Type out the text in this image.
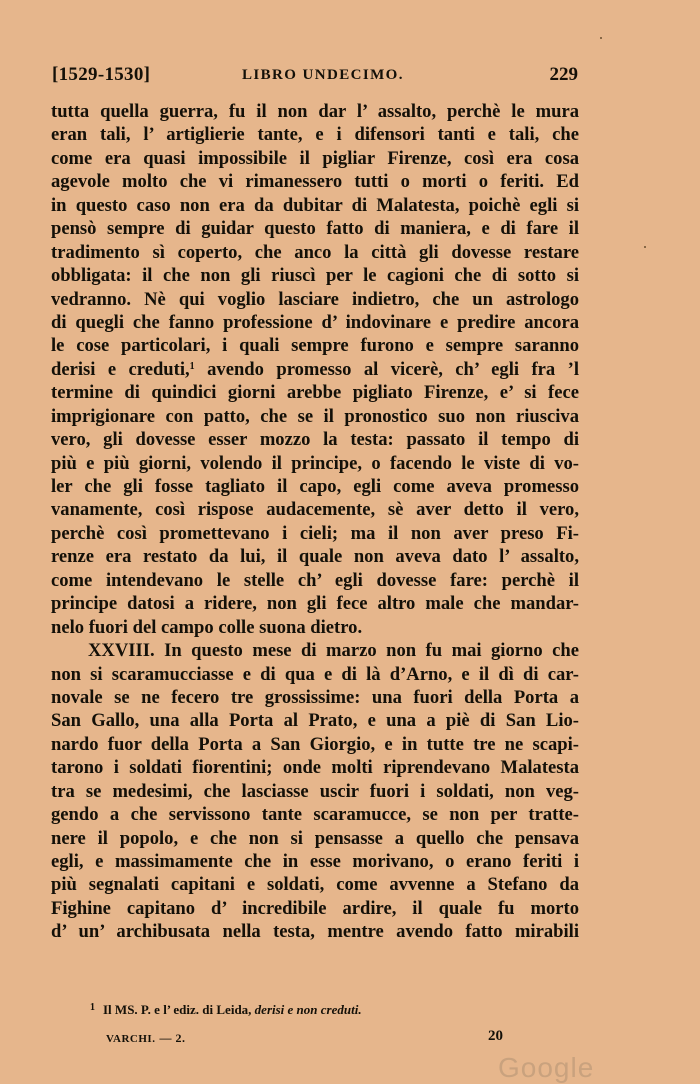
[1529-1530]	LIBRO UNDECIMO.	229
tutta quella guerra, fu il non dar l’ assalto, perchè le mura
eran tali, l’ artiglierie tante, e i difensori tanti e tali, che
come era quasi impossibile il pigliar Firenze, così era cosa
agevole molto che vi rimanessero tutti o morti o feriti. Ed
in questo caso non era da dubitar di Malatesta, poichè egli si
pensò sempre di guidar questo fatto di maniera, e di fare il
tradimento sì coperto, che anco la città gli dovesse restare
obbligata: il che non gli riuscì per le cagioni che di sotto si
vedranno. Nè qui voglio lasciare indietro, che un astrologo
di quegli che fanno professione d’ indovinare e predire ancora
le cose particolari, i quali sempre furono e sempre saranno
derisi e creduti,$^1$ avendo promesso al vicerè, ch’ egli fra ’l
termine di quindici giorni arebbe pigliato Firenze, e’ si fece
imprigionare con patto, che se il pronostico suo non riusciva
vero, gli dovesse esser mozzo la testa: passato il tempo di
più e più giorni, volendo il principe, o facendo le viste di vo-
ler che gli fosse tagliato il capo, egli come aveva promesso
vanamente, così rispose audacemente, sè aver detto il vero,
perchè così promettevano i cieli; ma il non aver preso Fi-
renze era restato da lui, il quale non aveva dato l’ assalto,
come intendevano le stelle ch’ egli dovesse fare: perchè il
principe datosi a ridere, non gli fece altro male che mandar-
nelo fuori del campo colle suona dietro.
XXVIII. In questo mese di marzo non fu mai giorno che
non si scaramucciasse e di qua e di là d’Arno, e il dì di car-
novale se ne fecero tre grossissime: una fuori della Porta a
San Gallo, una alla Porta al Prato, e una a piè di San Lio-
nardo fuor della Porta a San Giorgio, e in tutte tre ne scapi-
tarono i soldati fiorentini; onde molti riprendevano Malatesta
tra se medesimi, che lasciasse uscir fuori i soldati, non veg-
gendo a che servissono tante scaramucce, se non per tratte-
nere il popolo, e che non si pensasse a quello che pensava
egli, e massimamente che in esse morivano, o erano feriti i
più segnalati capitani e soldati, come avvenne a Stefano da
Fighine capitano d’ incredibile ardire, il quale fu morto
d’ un’ archibusata nella testa, mentre avendo fatto mirabili
$^1$ Il MS. P. e l’ ediz. di Leida, derisi e non creduti.
VARCHI. — 2.	20
Google
